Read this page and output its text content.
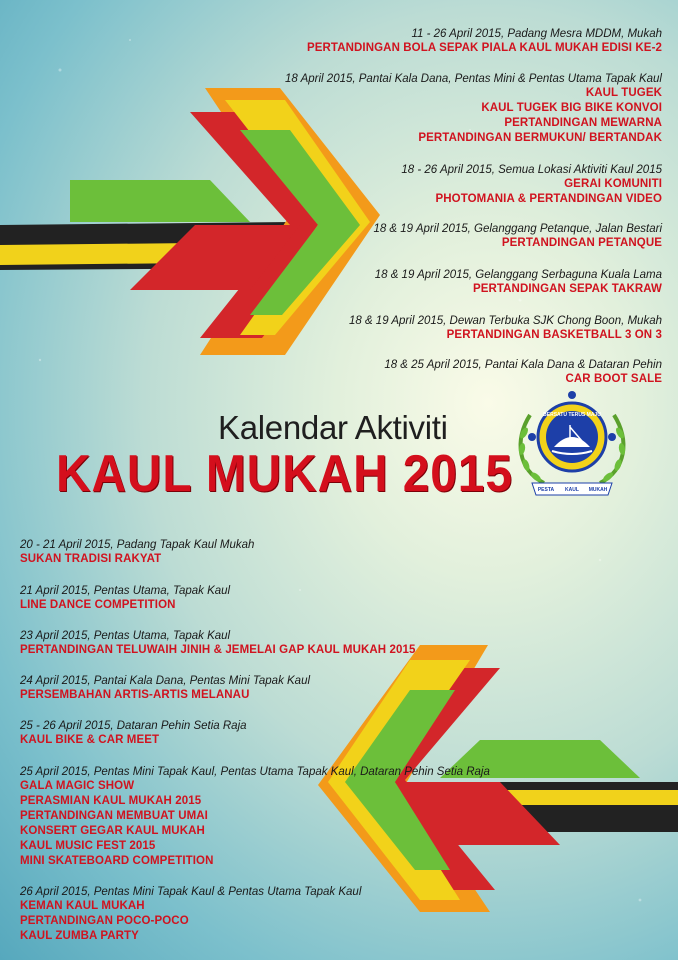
11 - 26 April 2015, Padang Mesra MDDM, Mukah
PERTANDINGAN BOLA SEPAK PIALA KAUL MUKAH EDISI KE-2
18 April 2015, Pantai Kala Dana, Pentas Mini & Pentas Utama Tapak Kaul
KAUL TUGEK
KAUL TUGEK BIG BIKE KONVOI
PERTANDINGAN MEWARNA
PERTANDINGAN BERMUKUN/ BERTANDAK
18 - 26 April 2015, Semua Lokasi Aktiviti Kaul 2015
GERAI KOMUNITI
PHOTOMANIA & PERTANDINGAN VIDEO
18 & 19 April 2015, Gelanggang Petanque, Jalan Bestari
PERTANDINGAN PETANQUE
18 & 19 April 2015, Gelanggang Serbaguna Kuala Lama
PERTANDINGAN SEPAK TAKRAW
18 & 19 April 2015, Dewan Terbuka SJK Chong Boon, Mukah
PERTANDINGAN BASKETBALL 3 ON 3
18 & 25 April 2015, Pantai Kala Dana & Dataran Pehin
CAR BOOT SALE
Kalendar Aktiviti
KAUL MUKAH 2015
BERSATU TERUS MAJU
PESTA KAUL MUKAH
20 - 21 April 2015, Padang Tapak Kaul Mukah
SUKAN TRADISI RAKYAT
21 April 2015, Pentas Utama, Tapak Kaul
LINE DANCE COMPETITION
23 April 2015, Pentas Utama, Tapak Kaul
PERTANDINGAN TELUWAIH JINIH & JEMELAI GAP KAUL MUKAH 2015
24 April 2015, Pantai Kala Dana, Pentas Mini Tapak Kaul
PERSEMBAHAN ARTIS-ARTIS MELANAU
25 - 26 April 2015, Dataran Pehin Setia Raja
KAUL BIKE & CAR MEET
25 April 2015, Pentas Mini Tapak Kaul, Pentas Utama Tapak Kaul, Dataran Pehin Setia Raja
GALA MAGIC SHOW
PERASMIAN KAUL MUKAH 2015
PERTANDINGAN MEMBUAT UMAI
KONSERT GEGAR KAUL MUKAH
KAUL MUSIC FEST 2015
MINI SKATEBOARD COMPETITION
26 April 2015, Pentas Mini Tapak Kaul & Pentas Utama Tapak Kaul
KEMAN KAUL MUKAH
PERTANDINGAN POCO-POCO
KAUL ZUMBA PARTY
